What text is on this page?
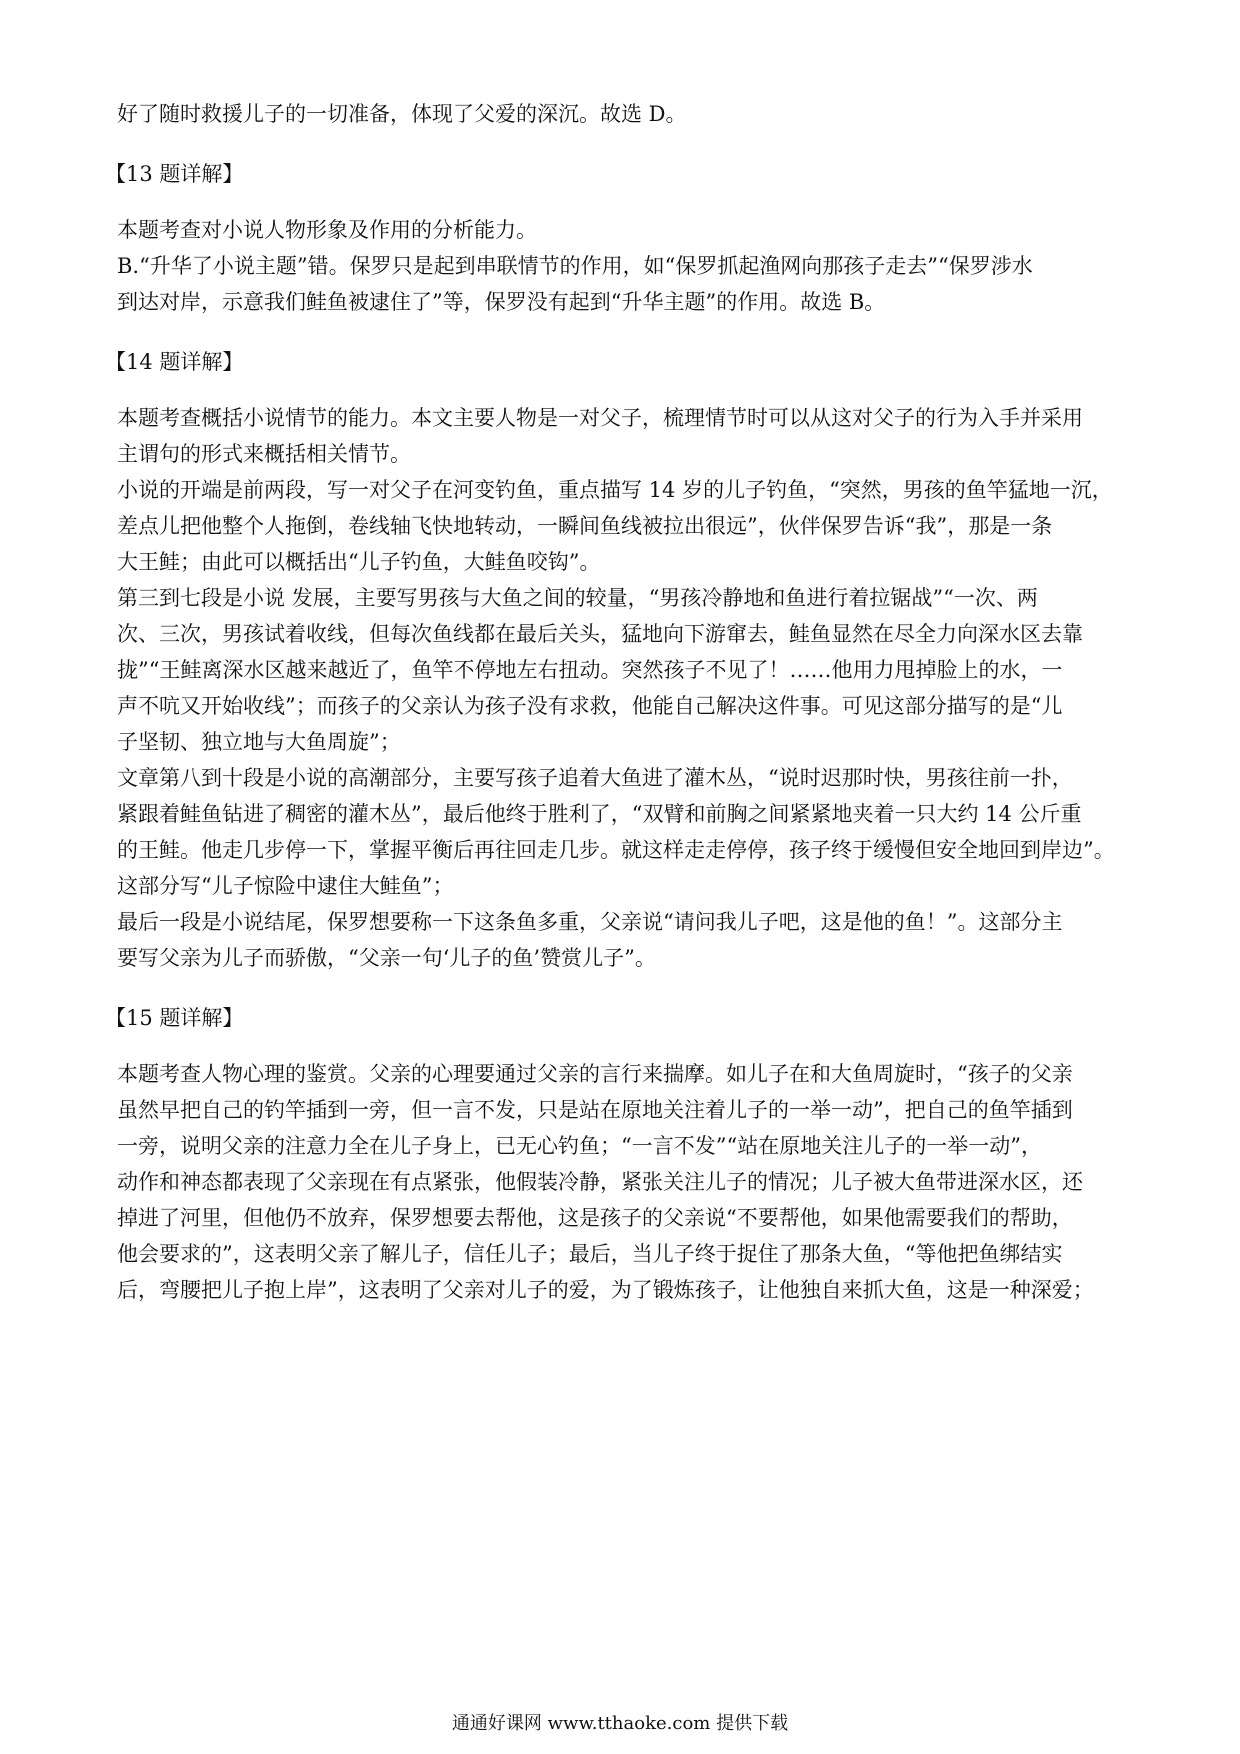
好了随时救援儿子的一切准备，体现了父爱的深沉。故选 D。
【13 题详解】
本题考查对小说人物形象及作用的分析能力。
B.“升华了小说主题”错。保罗只是起到串联情节的作用，如“保罗抓起渔网向那孩子走去”“保罗涉水
到达对岸，示意我们鲑鱼被逮住了”等，保罗没有起到“升华主题”的作用。故选 B。
【14 题详解】
本题考查概括小说情节的能力。本文主要人物是一对父子，梳理情节时可以从这对父子的行为入手并采用
主谓句的形式来概括相关情节。
小说的开端是前两段，写一对父子在河变钓鱼，重点描写 14 岁的儿子钓鱼，“突然，男孩的鱼竿猛地一沉，
差点儿把他整个人拖倒，卷线轴飞快地转动，一瞬间鱼线被拉出很远”，伙伴保罗告诉“我”，那是一条
大王鲑；由此可以概括出“儿子钓鱼，大鲑鱼咬钩”。
第三到七段是小说 发展，主要写男孩与大鱼之间的较量，“男孩冷静地和鱼进行着拉锯战”“一次、两
次、三次，男孩试着收线，但每次鱼线都在最后关头，猛地向下游窜去，鲑鱼显然在尽全力向深水区去靠
拢”“王鲑离深水区越来越近了，鱼竿不停地左右扭动。突然孩子不见了！……他用力甩掉脸上的水，一
声不吭又开始收线”；而孩子的父亲认为孩子没有求救，他能自己解决这件事。可见这部分描写的是“儿
子坚韧、独立地与大鱼周旋”；
文章第八到十段是小说的高潮部分，主要写孩子追着大鱼进了灌木丛，“说时迟那时快，男孩往前一扑，
紧跟着鲑鱼钻进了稠密的灌木丛”，最后他终于胜利了，“双臂和前胸之间紧紧地夹着一只大约 14 公斤重
的王鲑。他走几步停一下，掌握平衡后再往回走几步。就这样走走停停，孩子终于缓慢但安全地回到岸边”。
这部分写“儿子惊险中逮住大鲑鱼”；
最后一段是小说结尾，保罗想要称一下这条鱼多重，父亲说“请问我儿子吧，这是他的鱼！”。这部分主
要写父亲为儿子而骄傲，“父亲一句‘儿子的鱼’赞赏儿子”。
【15 题详解】
本题考查人物心理的鉴赏。父亲的心理要通过父亲的言行来揣摩。如儿子在和大鱼周旋时，“孩子的父亲
虽然早把自己的钓竿插到一旁，但一言不发，只是站在原地关注着儿子的一举一动”，把自己的鱼竿插到
一旁，说明父亲的注意力全在儿子身上，已无心钓鱼；“一言不发”“站在原地关注儿子的一举一动”，
动作和神态都表现了父亲现在有点紧张，他假装冷静，紧张关注儿子的情况；儿子被大鱼带进深水区，还
掉进了河里，但他仍不放弃，保罗想要去帮他，这是孩子的父亲说“不要帮他，如果他需要我们的帮助，
他会要求的”，这表明父亲了解儿子，信任儿子；最后，当儿子终于捉住了那条大鱼，“等他把鱼绑结实
后，弯腰把儿子抱上岸”，这表明了父亲对儿子的爱，为了锻炼孩子，让他独自来抓大鱼，这是一种深爱；
通通好课网 www.tthaoke.com 提供下载
